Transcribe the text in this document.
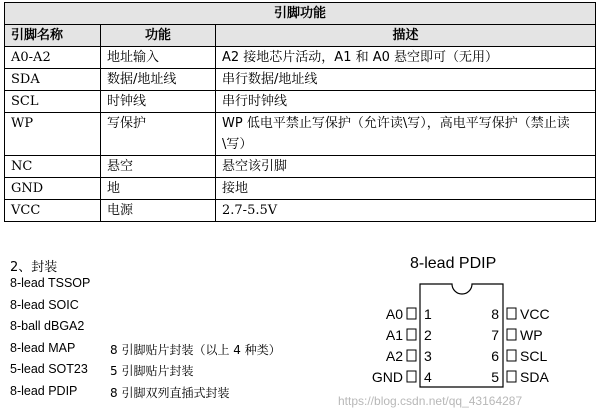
引脚功能		
引脚名称	功能	描述
A0-A2	地址输入	A2 接地芯片活动，A1 和 A0 悬空即可（无用）
SDA	数据/地址线	串行数据/地址线
SCL	时钟线	串行时钟线
WP	写保护	WP 低电平禁止写保护（允许读\写），高电平写保护（禁止读\写）
NC	悬空	悬空该引脚
GND	地	接地
VCC	电源	2.7-5.5V
2、封装
8-lead TSSOP
8-lead SOIC
8-ball dBGA2
8-lead MAP	8 引脚贴片封装（以上 4 种类）
5-lead SOT23 5 引脚贴片封装
8-lead PDIP	8 引脚双列直插式封装
8-lead PDIP
A0
A1
A2
GND
1
2
3
4
8
7
6
5
VCC
WP
SCL
SDA
https://blog.csdn.net/qq_43164287
